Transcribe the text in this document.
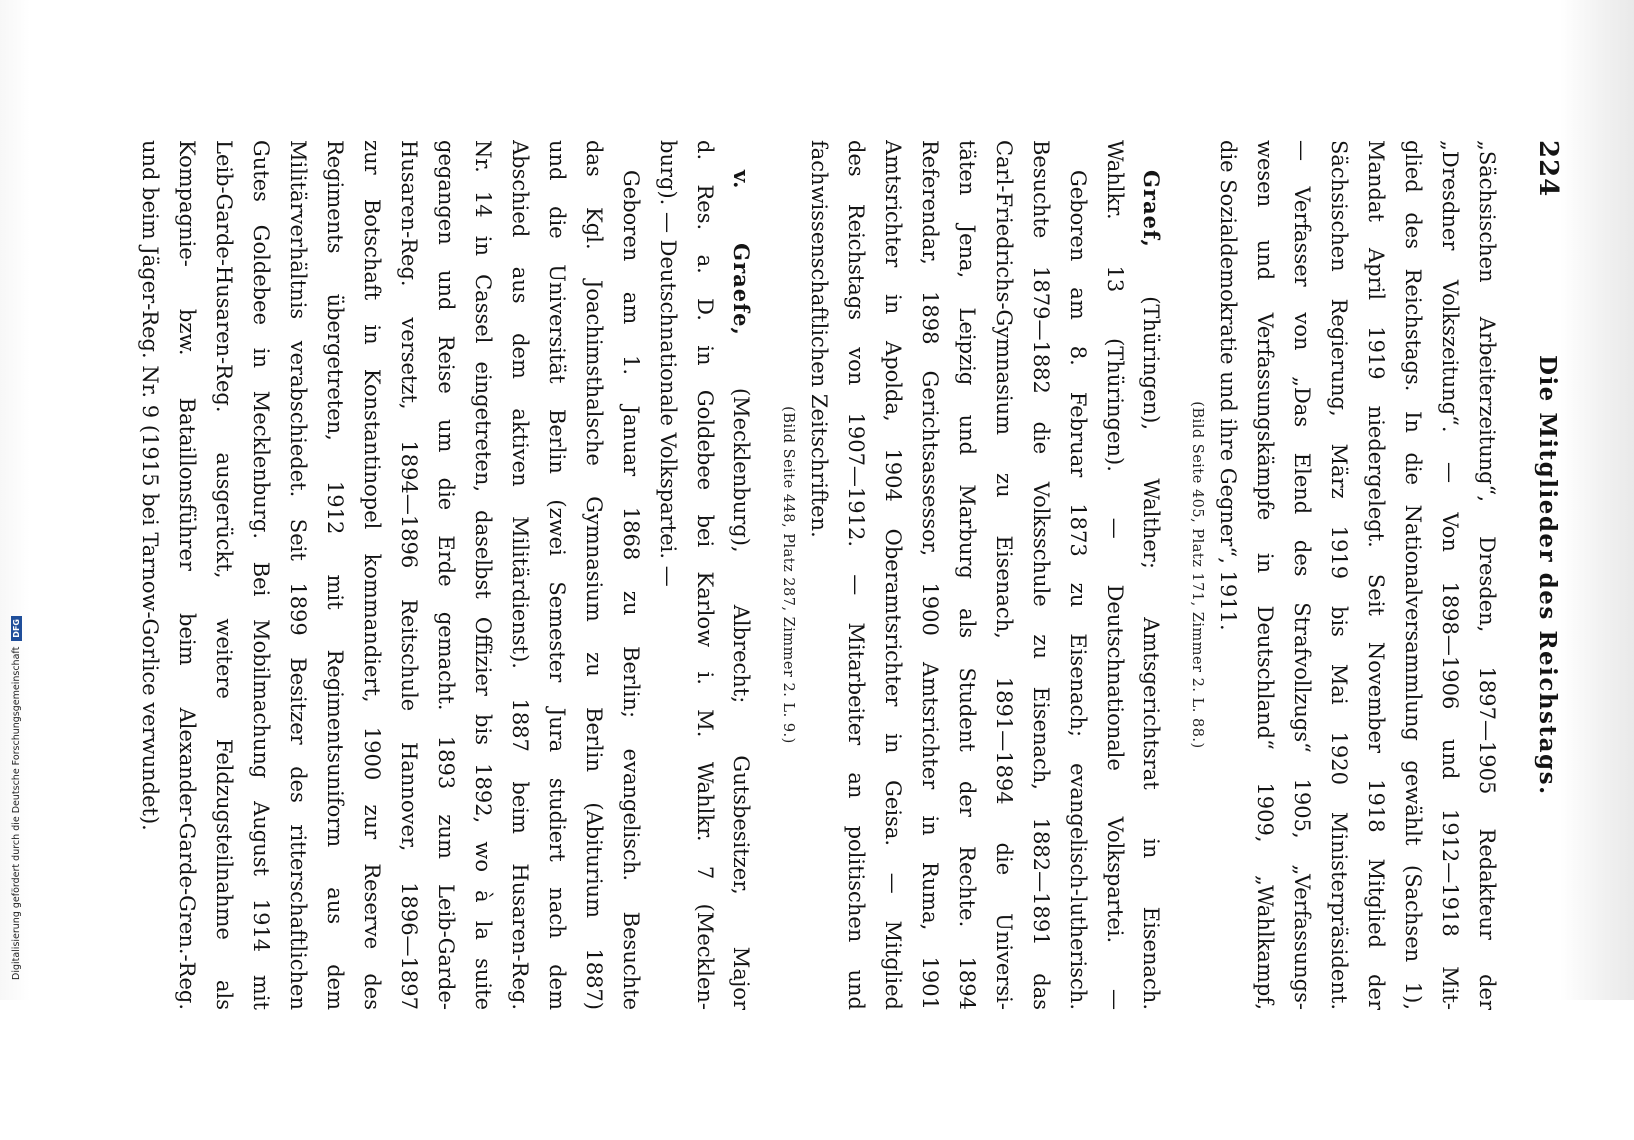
Digitalisierung gefördert durch die Deutsche Forschungsgemeinschaft
DFG
224
Die Mitglieder des Reichstags.
„Sächsischen Arbeiterzeitung“, Dresden, 1897—1905 Redakteur der
„Dresdner Volkszeitung“. — Von 1898—1906 und 1912—1918 Mit-
glied des Reichstags. In die Nationalversammlung gewählt (Sachsen 1),
Mandat April 1919 niedergelegt. Seit November 1918 Mitglied der
Sächsischen Regierung, März 1919 bis Mai 1920 Ministerpräsident.
— Verfasser von „Das Elend des Strafvollzugs“ 1905, „Verfassungs-
wesen und Verfassungskämpfe in Deutschland“ 1909, „Wahlkampf,
die Sozialdemokratie und ihre Gegner“, 1911.
(Bild Seite 405, Platz 171, Zimmer 2. L. 88.)
Graef, (Thüringen), Walther; Amtsgerichtsrat in Eisenach.
Wahlkr. 13 (Thüringen). — Deutschnationale Volkspartei. —
Geboren am 8. Februar 1873 zu Eisenach; evangelisch-lutherisch.
Besuchte 1879—1882 die Volksschule zu Eisenach, 1882—1891 das
Carl-Friedrichs-Gymnasium zu Eisenach, 1891—1894 die Universi-
täten Jena, Leipzig und Marburg als Student der Rechte. 1894
Referendar, 1898 Gerichtsassessor, 1900 Amtsrichter in Ruma, 1901
Amtsrichter in Apolda, 1904 Oberamtsrichter in Geisa. — Mitglied
des Reichstags von 1907—1912. — Mitarbeiter an politischen und
fachwissenschaftlichen Zeitschriften.
(Bild Seite 448, Platz 287, Zimmer 2. L. 9.)
v. Graefe, (Mecklenburg), Albrecht; Gutsbesitzer, Major
d. Res. a. D. in Goldebee bei Karlow i. M. Wahlkr. 7 (Mecklen-
burg). — Deutschnationale Volkspartei. —
Geboren am 1. Januar 1868 zu Berlin; evangelisch. Besuchte
das Kgl. Joachimsthalsche Gymnasium zu Berlin (Abiturium 1887)
und die Universität Berlin (zwei Semester Jura studiert nach dem
Abschied aus dem aktiven Militärdienst). 1887 beim Husaren-Reg.
Nr. 14 in Cassel eingetreten, daselbst Offizier bis 1892, wo à la suite
gegangen und Reise um die Erde gemacht. 1893 zum Leib-Garde-
Husaren-Reg. versetzt, 1894—1896 Reitschule Hannover, 1896—1897
zur Botschaft in Konstantinopel kommandiert, 1900 zur Reserve des
Regiments übergetreten, 1912 mit Regimentsuniform aus dem
Militärverhältnis verabschiedet. Seit 1899 Besitzer des ritterschaftlichen
Gutes Goldebee in Mecklenburg. Bei Mobilmachung August 1914 mit
Leib-Garde-Husaren-Reg. ausgerückt, weitere Feldzugsteilnahme als
Kompagnie- bzw. Bataillonsführer beim Alexander-Garde-Gren.-Reg.
und beim Jäger-Reg. Nr. 9 (1915 bei Tarnow-Gorlice verwundet).
